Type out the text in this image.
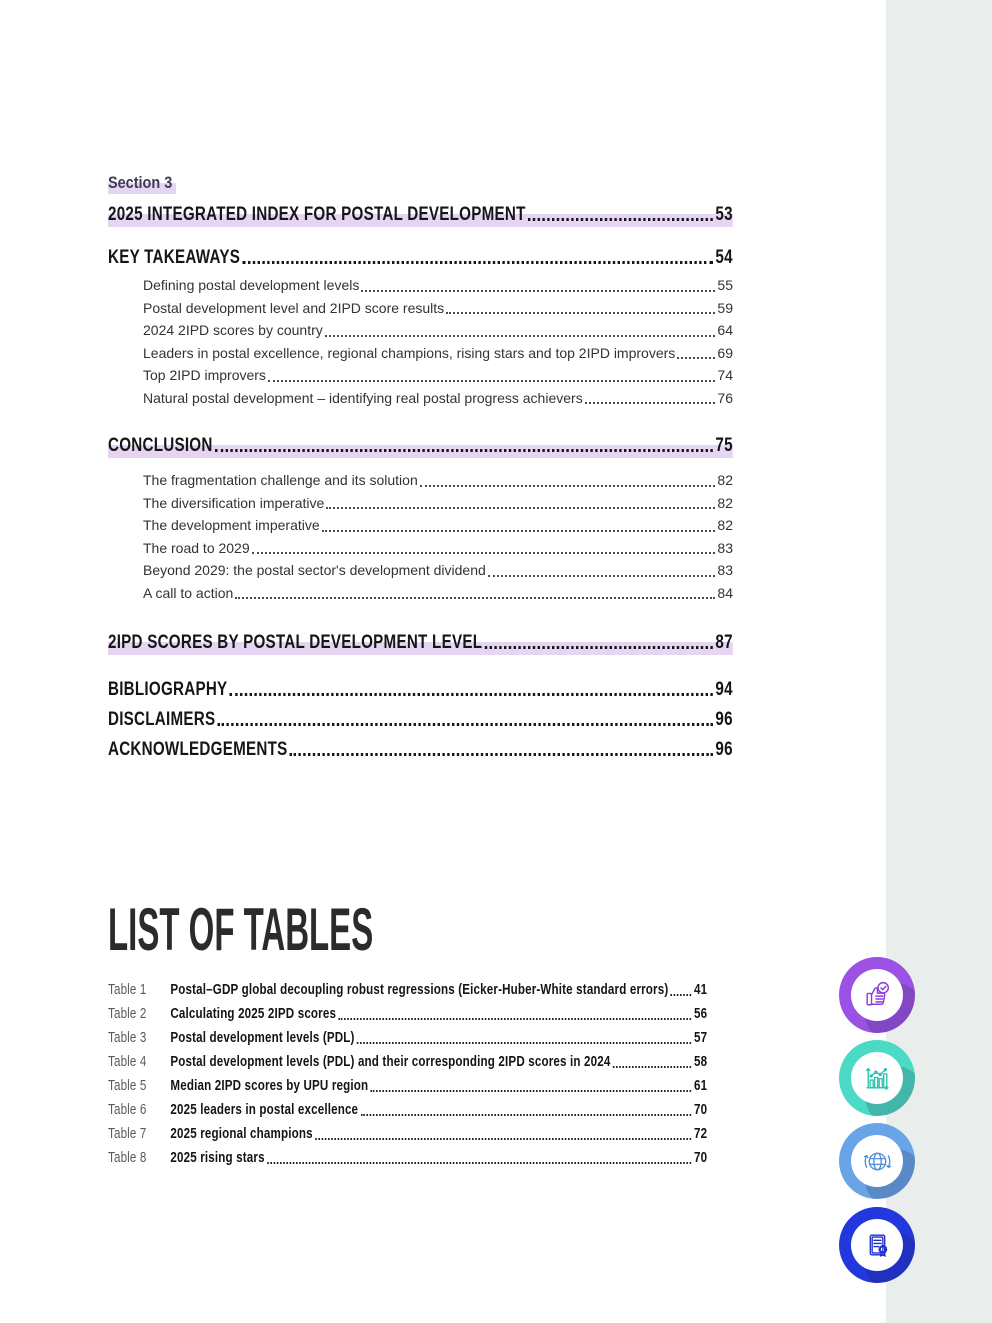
Section 3
2025 INTEGRATED INDEX FOR POSTAL DEVELOPMENT	53
KEY TAKEAWAYS	54
Defining postal development levels	55
Postal development level and 2IPD score results	59
2024 2IPD scores by country	64
Leaders in postal excellence, regional champions, rising stars and top 2IPD improvers	69
Top 2IPD improvers	74
Natural postal development – identifying real postal progress achievers	76
CONCLUSION	75
The fragmentation challenge and its solution	82
The diversification imperative	82
The development imperative	82
The road to 2029	83
Beyond 2029: the postal sector's development dividend	83
A call to action	84
2IPD SCORES BY POSTAL DEVELOPMENT LEVEL	87
BIBLIOGRAPHY	94
DISCLAIMERS	96
ACKNOWLEDGEMENTS	96
LIST OF TABLES
Table 1	Postal–GDP global decoupling robust regressions (Eicker-Huber-White standard errors) 41
Table 2	Calculating 2025 2IPD scores	56
Table 3	Postal development levels (PDL)	57
Table 4	Postal development levels (PDL) and their corresponding 2IPD scores in 2024	58
Table 5	Median 2IPD scores by UPU region	61
Table 6	2025 leaders in postal excellence	70
Table 7	2025 regional champions	72
Table 8	2025 rising stars	70
